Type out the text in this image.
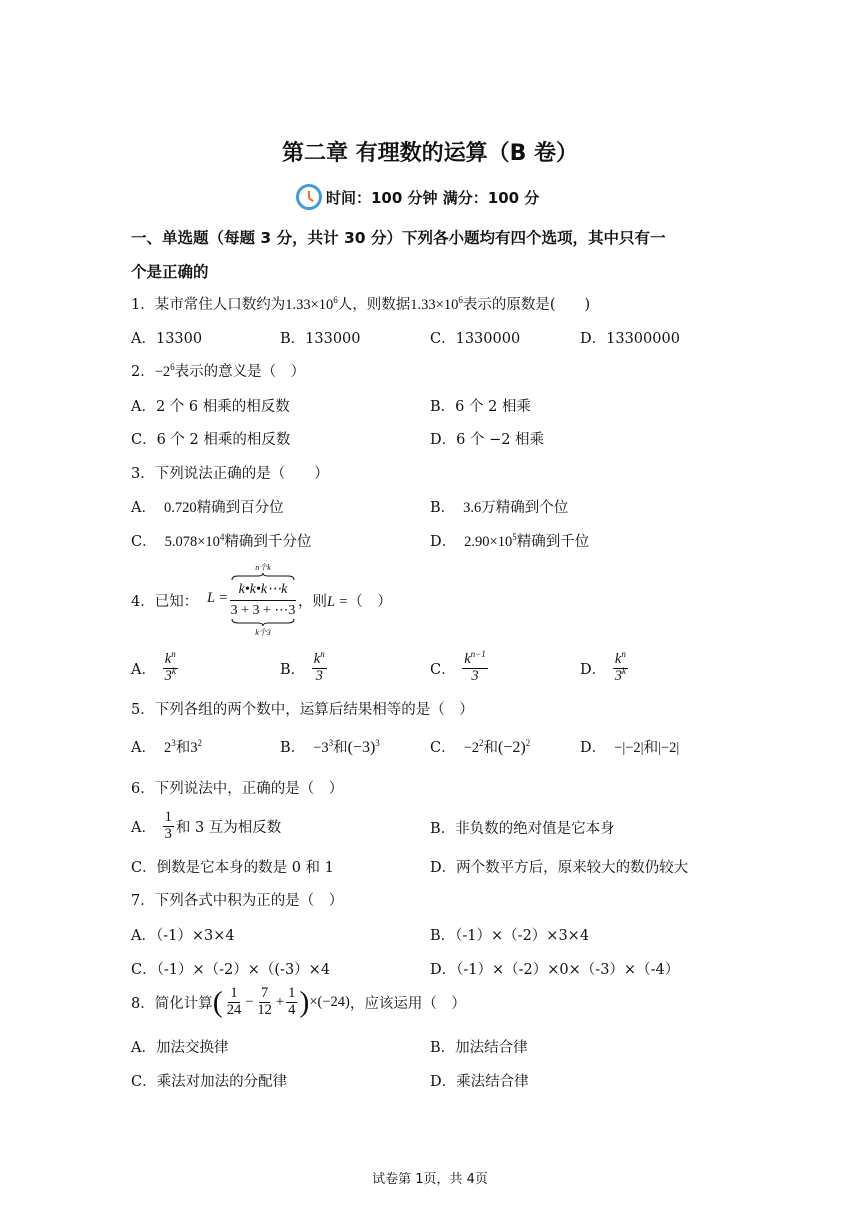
第二章 有理数的运算（B 卷）
时间：100 分钟 满分：100 分
一、单选题（每题 3 分，共计 30 分）下列各小题均有四个选项，其中只有一
个是正确的
1．某市常住人口数约为$1.33\times 10^6$人，则数据$1.33\times 10^6$表示的原数是(　　)
A．13300	B．133000	C．1330000	D．13300000
2．$-2^6$表示的意义是（　）
A．2 个 6 相乘的相反数	B．6 个 2 相乘
C．6 个 2 相乘的相反数	D．6 个 −2 相乘
3．下列说法正确的是（　　）
A． 0.720精确到百分位	B． 3.6万精确到个位
C． $5.078\times 10^4$精确到千分位	D． $2.90\times 10^5$精确到千位
4．已知： L =
n个k
k•k•k⋯k
3 + 3 + ⋯3
k个3
，则L =（　）
A． $\frac{k^n}{3^k}$	B． $\frac{k^n}{3}$	C． $\frac{k^{n-1}}{3}$	D． $\frac{k^n}{3^k}$
5．下列各组的两个数中，运算后结果相等的是（　）
A． $2^3$和$3^2$	B． $-3^3$和$(-3)^3$	C． $-2^2$和$(-2)^2$	D． −|−2|和|−2|
6．下列说法中，正确的是（　）
A． $\frac{1}{3}$ 和 3 互为相反数	B．非负数的绝对值是它本身
C．倒数是它本身的数是 0 和 1	D．两个数平方后，原来较大的数仍较大
7．下列各式中积为正的是（　）
A．（-1）×3×4	B．（-1）×（-2）×3×4
C．（-1）×（-2）×（(-3）×4	D．（-1）×（-2）×0×（-3）×（-4）
8．简化计算( $\frac{1}{24} - \frac{7}{12} + \frac{1}{4} )\times(-24)$，应该运用（　）
A．加法交换律	B．加法结合律
C．乘法对加法的分配律	D．乘法结合律
试卷第 1页，共 4页
